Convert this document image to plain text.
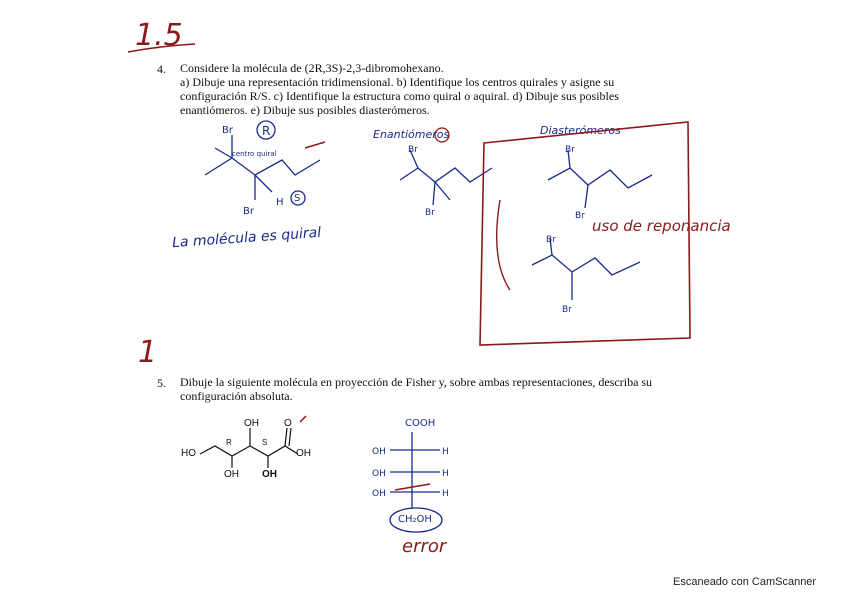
1.5
1
4. Considere la molécula de (2R,3S)-2,3-dibromohexano.
a) Dibuje una representación tridimensional. b) Identifique los centros quirales y asigne su
configuración R/S. c) Identifique la estructura como quiral o aquiral. d) Dibuje sus posibles
enantiómeros. e) Dibuje sus posibles diasterómeros.
La molécula es quiral
Enantiómeros	Diasterómeros
uso de reponancia
centro quiral
R
S
5. Dibuje la siguiente molécula en proyección de Fisher y, sobre ambas representaciones, describa su
configuración absoluta.
HO
OH
OH OH
O
OH
R	S
COOH
CH₂OH
error
Br
Br
H
Br
Br
Br
Br
Br
Br
OH
OH
OH
H
H
H
Escaneado con CamScanner
